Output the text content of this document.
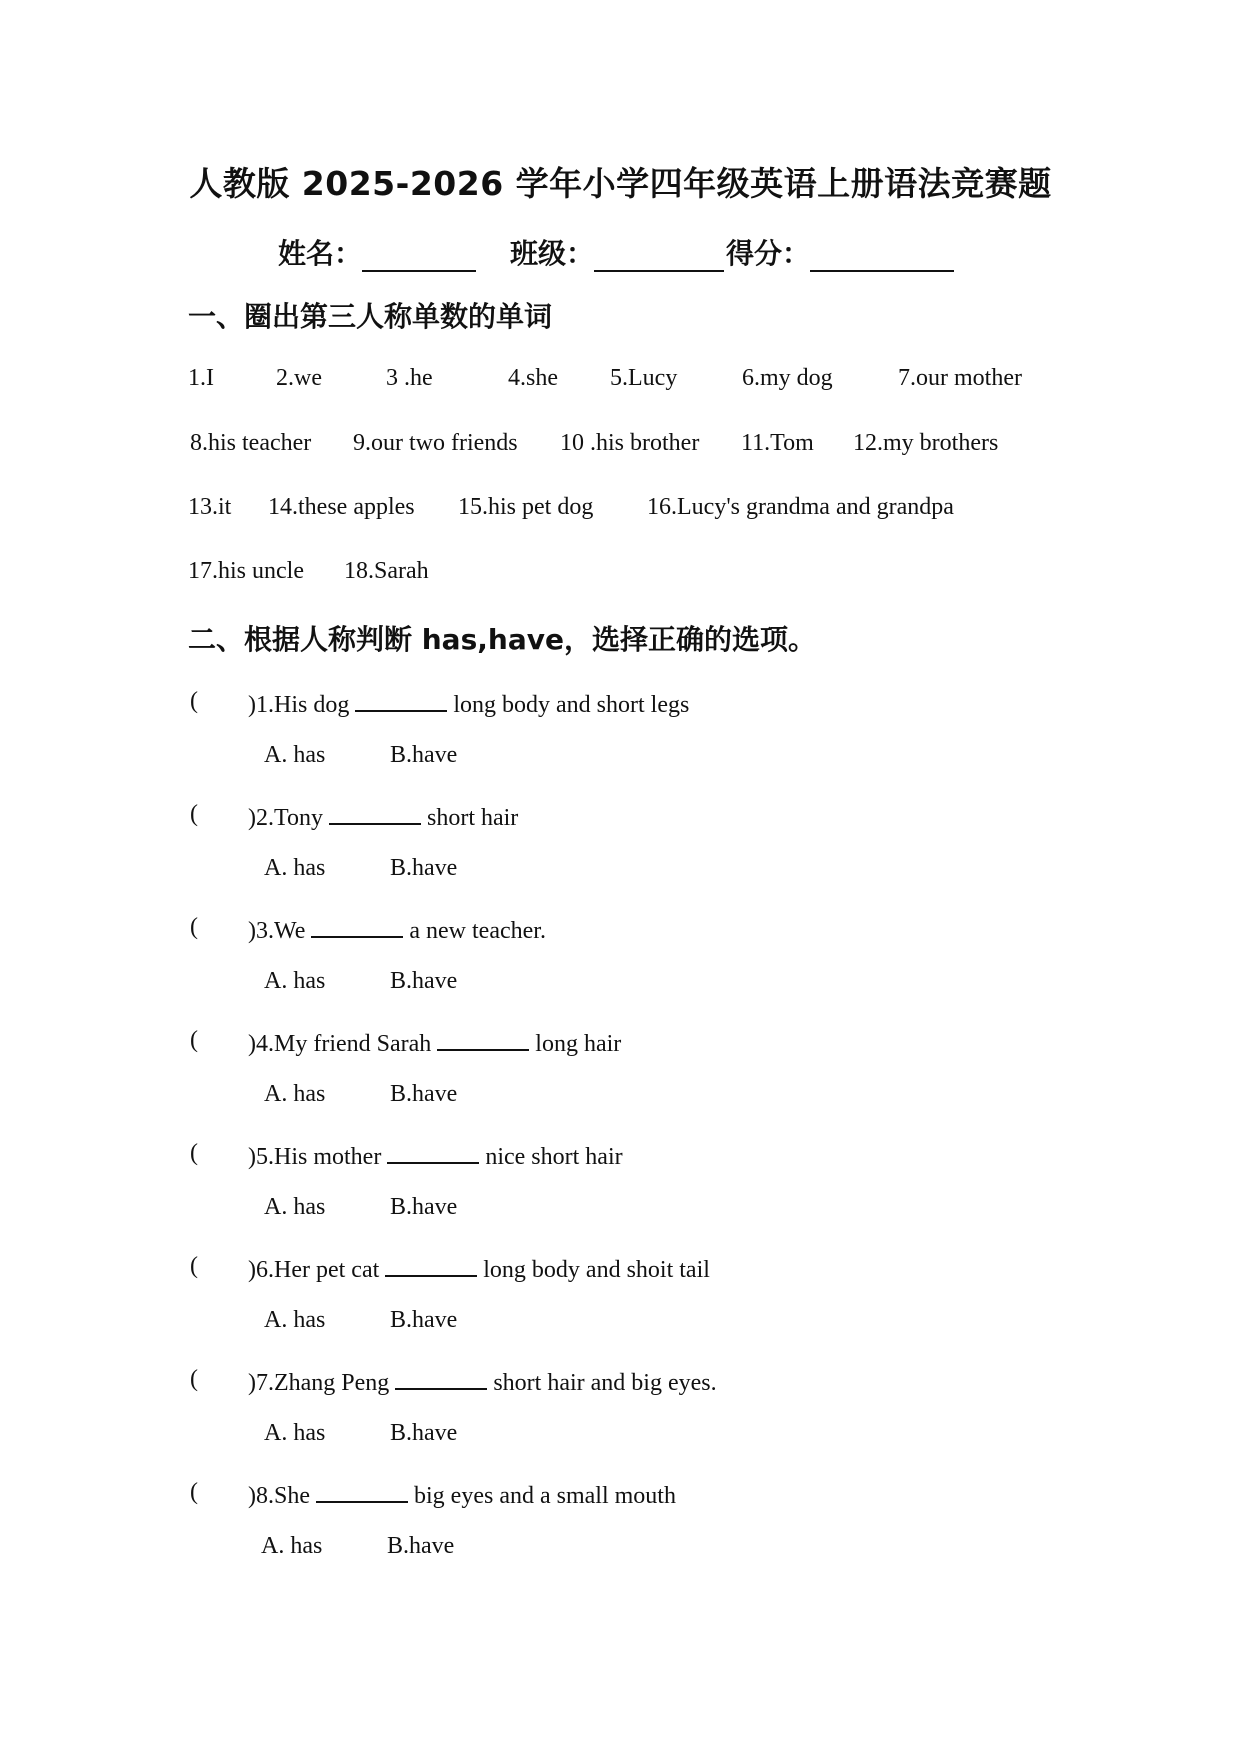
人教版 2025-2026 学年小学四年级英语上册语法竞赛题
姓名：	班级：	得分：
一、圈出第三人称单数的单词
1.I	2.we	3 .he	4.she 5.Lucy	6.my dog	7.our mother
8.his teacher 9.our two friends 10 .his brother 11.Tom 12.my brothers
13.it 14.these apples 15.his pet dog 16.Lucy's grandma and grandpa
17.his uncle 18.Sarah
二、根据人称判断 has,have，选择正确的选项。
( )1.His dog	long body and short legs
A. has	B.have
( )2.Tony	short hair
A. has	B.have
( )3.We	a new teacher.
A. has	B.have
( )4.My friend Sarah	long hair
A. has	B.have
( )5.His mother	nice short hair
A. has	B.have
( )6.Her pet cat	long body and shoit tail
A. has	B.have
( )7.Zhang Peng	short hair and big eyes.
A. has	B.have
( )8.She	big eyes and a small mouth
A. has	B.have
